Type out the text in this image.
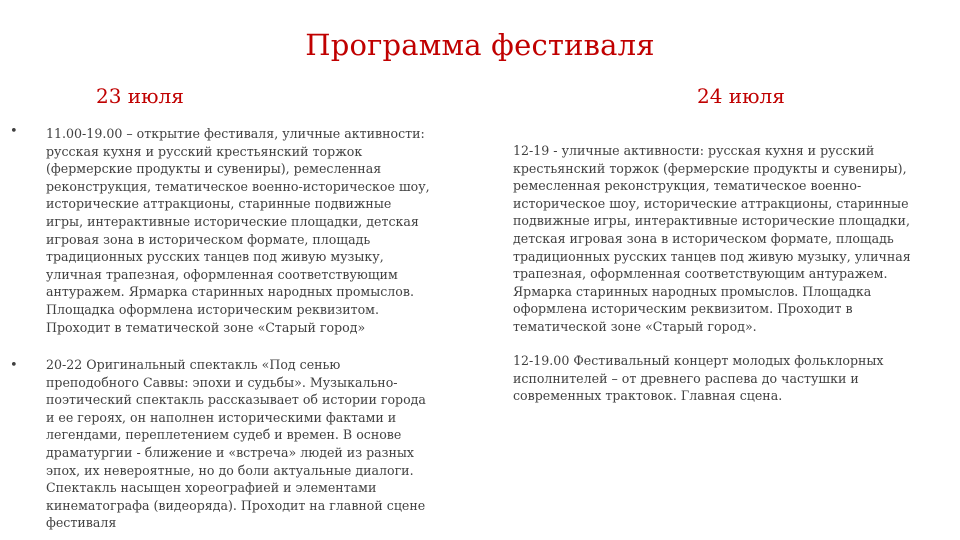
Программа фестиваля
23 июля	24 июля
• 11.00-19.00 – открытие фестиваля, уличные активности:
русская кухня и русский крестьянский торжок
(фермерские продукты и сувениры), ремесленная
реконструкция, тематическое военно-историческое шоу,
исторические аттракционы, старинные подвижные
игры, интерактивные исторические площадки, детская
игровая зона в историческом формате, площадь
традиционных русских танцев под живую музыку,
уличная трапезная, оформленная соответствующим
антуражем. Ярмарка старинных народных промыслов.
Площадка оформлена историческим реквизитом.
Проходит в тематической зоне «Старый город»

• 20-22 Оригинальный спектакль «Под сенью
преподобного Саввы: эпохи и судьбы». Музыкально-
поэтический спектакль рассказывает об истории города
и ее героях, он наполнен историческими фактами и
легендами, переплетением судеб и времен. В основе
драматургии - ближение и «встреча» людей из разных
эпох, их невероятные, но до боли актуальные диалоги.
Спектакль насыщен хореографией и элементами
кинематографа (видеоряда). Проходит на главной сцене
фестиваля

12-19 - уличные активности: русская кухня и русский
крестьянский торжок (фермерские продукты и сувениры),
ремесленная реконструкция, тематическое военно-
историческое шоу, исторические аттракционы, старинные
подвижные игры, интерактивные исторические площадки,
детская игровая зона в историческом формате, площадь
традиционных русских танцев под живую музыку, уличная
трапезная, оформленная соответствующим антуражем.
Ярмарка старинных народных промыслов. Площадка
оформлена историческим реквизитом. Проходит в
тематической зоне «Старый город».

12-19.00 Фестивальный концерт молодых фольклорных
исполнителей – от древнего распева до частушки и
современных трактовок. Главная сцена.
